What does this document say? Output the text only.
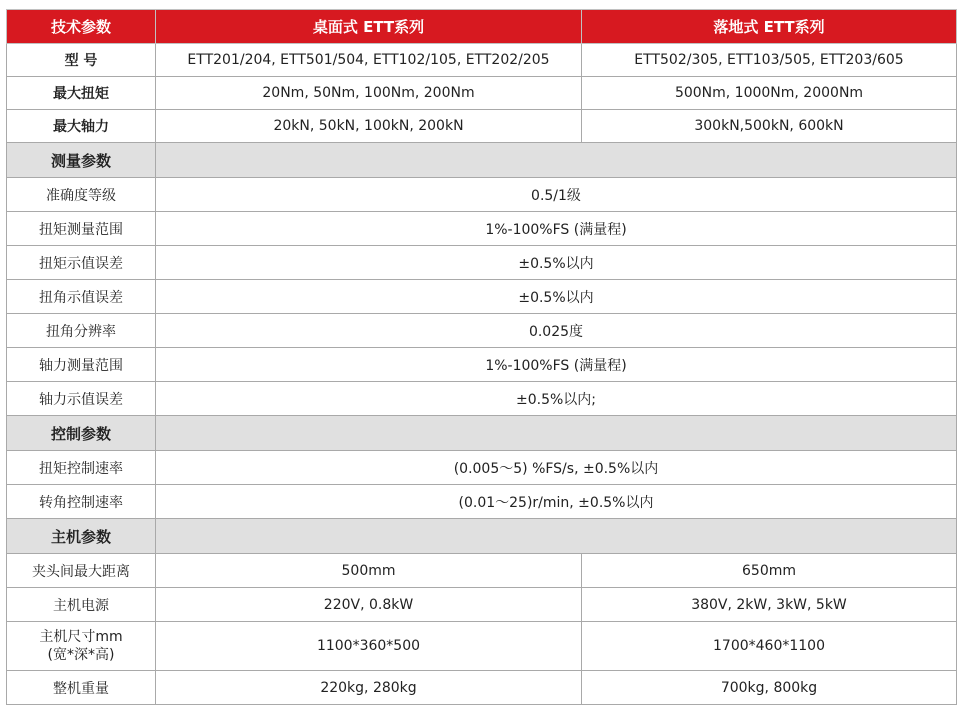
技术参数	桌面式 ETT系列	落地式 ETT系列
型 号	ETT201/204, ETT501/504, ETT102/105, ETT202/205	ETT502/305, ETT103/505, ETT203/605
最大扭矩	20Nm, 50Nm, 100Nm, 200Nm	500Nm, 1000Nm, 2000Nm
最大轴力	20kN, 50kN, 100kN, 200kN	300kN,500kN, 600kN
测量参数		
准确度等级	0.5/1级	
扭矩测量范围	1%-100%FS (满量程)	
扭矩示值误差	±0.5%以内	
扭角示值误差	±0.5%以内	
扭角分辨率	0.025度	
轴力测量范围	1%-100%FS (满量程)	
轴力示值误差	±0.5%以内;	
控制参数		
扭矩控制速率	(0.005〜5) %FS/s, ±0.5%以内	
转角控制速率	(0.01〜25)r/min, ±0.5%以内	
主机参数		
夹头间最大距离	500mm	650mm
主机电源	220V, 0.8kW	380V, 2kW, 3kW, 5kW

主机尺寸mm
(宽*深*高)	1100*360*500	1700*460*1100
整机重量	220kg, 280kg	700kg, 800kg
